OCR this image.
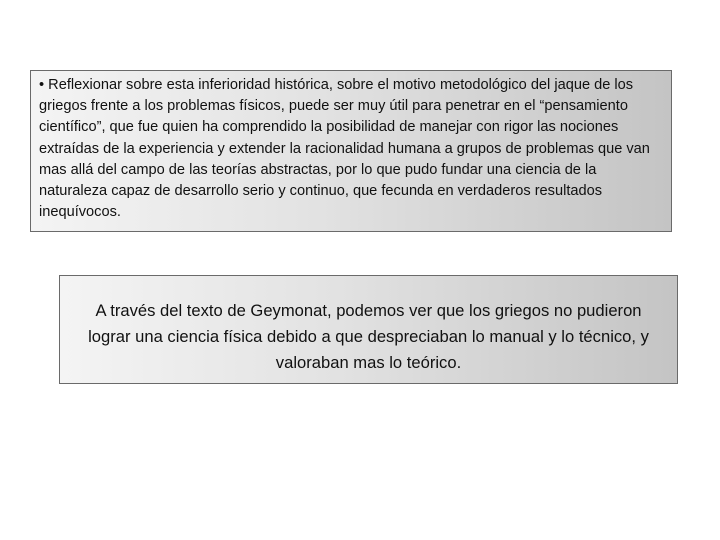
• Reflexionar sobre esta inferioridad histórica, sobre el motivo metodológico del jaque de los griegos frente a los problemas físicos, puede ser muy útil para penetrar en el “pensamiento científico”, que fue quien ha comprendido la posibilidad de manejar con rigor las nociones extraídas de la experiencia y extender la racionalidad humana a grupos de problemas que van mas allá del campo de las teorías abstractas, por lo que pudo fundar una ciencia de la naturaleza capaz de desarrollo serio y continuo, que fecunda en verdaderos resultados inequívocos.
A través del texto de Geymonat, podemos ver que los griegos no pudieron lograr una ciencia física debido a que despreciaban lo manual y lo técnico, y valoraban mas lo teórico.
